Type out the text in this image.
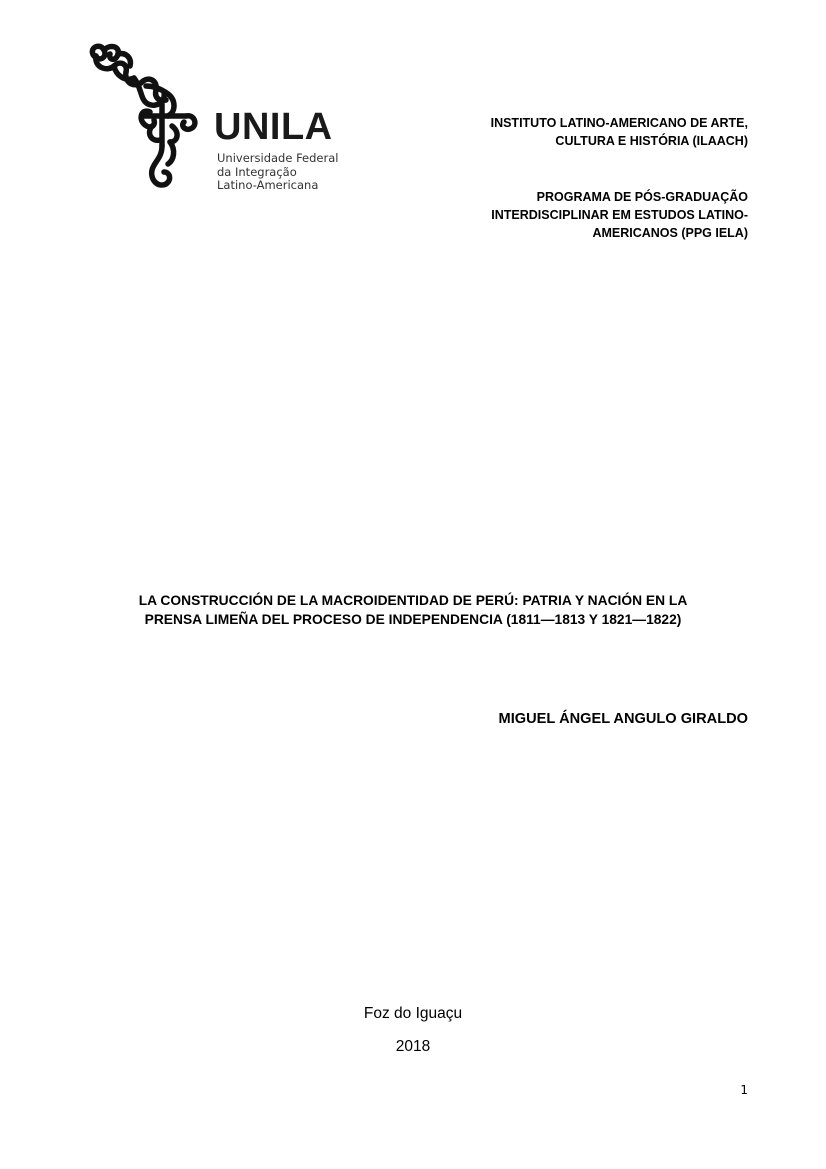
UNILA
Universidade Federal
da Integração
Latino-Americana
INSTITUTO LATINO-AMERICANO DE ARTE,
CULTURA E HISTÓRIA (ILAACH)
PROGRAMA DE PÓS-GRADUAÇÃO
INTERDISCIPLINAR EM ESTUDOS LATINO-
AMERICANOS (PPG IELA)
LA CONSTRUCCIÓN DE LA MACROIDENTIDAD DE PERÚ: PATRIA Y NACIÓN EN LA
PRENSA LIMEÑA DEL PROCESO DE INDEPENDENCIA (1811—1813 Y 1821—1822)
MIGUEL ÁNGEL ANGULO GIRALDO
Foz do Iguaçu
2018
1
